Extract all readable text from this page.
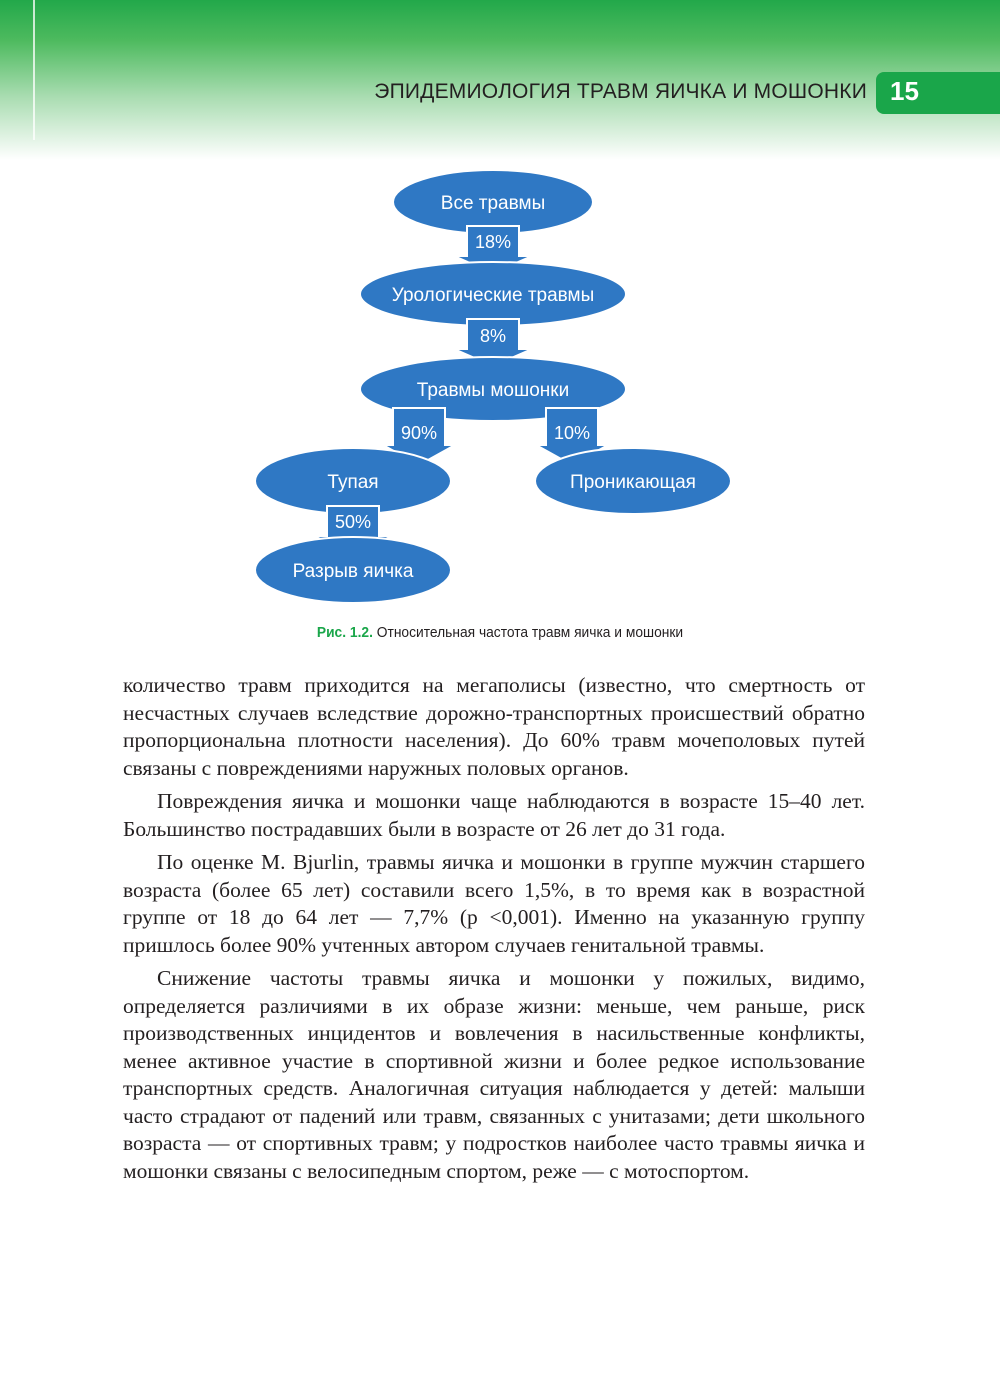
ЭПИДЕМИОЛОГИЯ ТРАВМ ЯИЧКА И МОШОНКИ 15
Все травмы
Урологические травмы
Травмы мошонки
Тупая	Проникающая
Разрыв яичка
18%
8%
90%	10%
50%
Рис. 1.2. Относительная частота травм яичка и мошонки

количество травм приходится на мегаполисы (известно, что смертность от несчастных случаев вследствие дорожно-транспортных происшествий обратно пропорциональна плотности населения). До 60% травм мочеполовых путей связаны с повреждениями наружных половых органов.

Повреждения яичка и мошонки чаще наблюдаются в возрасте 15–40 лет. Большинство пострадавших были в возрасте от 26 лет до 31 года.

По оценке M. Bjurlin, травмы яичка и мошонки в группе мужчин старшего возраста (более 65 лет) составили всего 1,5%, в то время как в возрастной группе от 18 до 64 лет — 7,7% (p <0,001). Именно на указанную группу пришлось более 90% учтенных автором случаев генитальной травмы.

Снижение частоты травмы яичка и мошонки у пожилых, видимо, определяется различиями в их образе жизни: меньше, чем раньше, риск производственных инцидентов и вовлечения в насильственные конфликты, менее активное участие в спортивной жизни и более редкое использование транспортных средств. Аналогичная ситуация наблюдается у детей: малыши часто страдают от падений или травм, связанных с унитазами; дети школьного возраста — от спортивных травм; у подростков наиболее часто травмы яичка и мошонки связаны с велосипедным спортом, реже — с мотоспортом.
